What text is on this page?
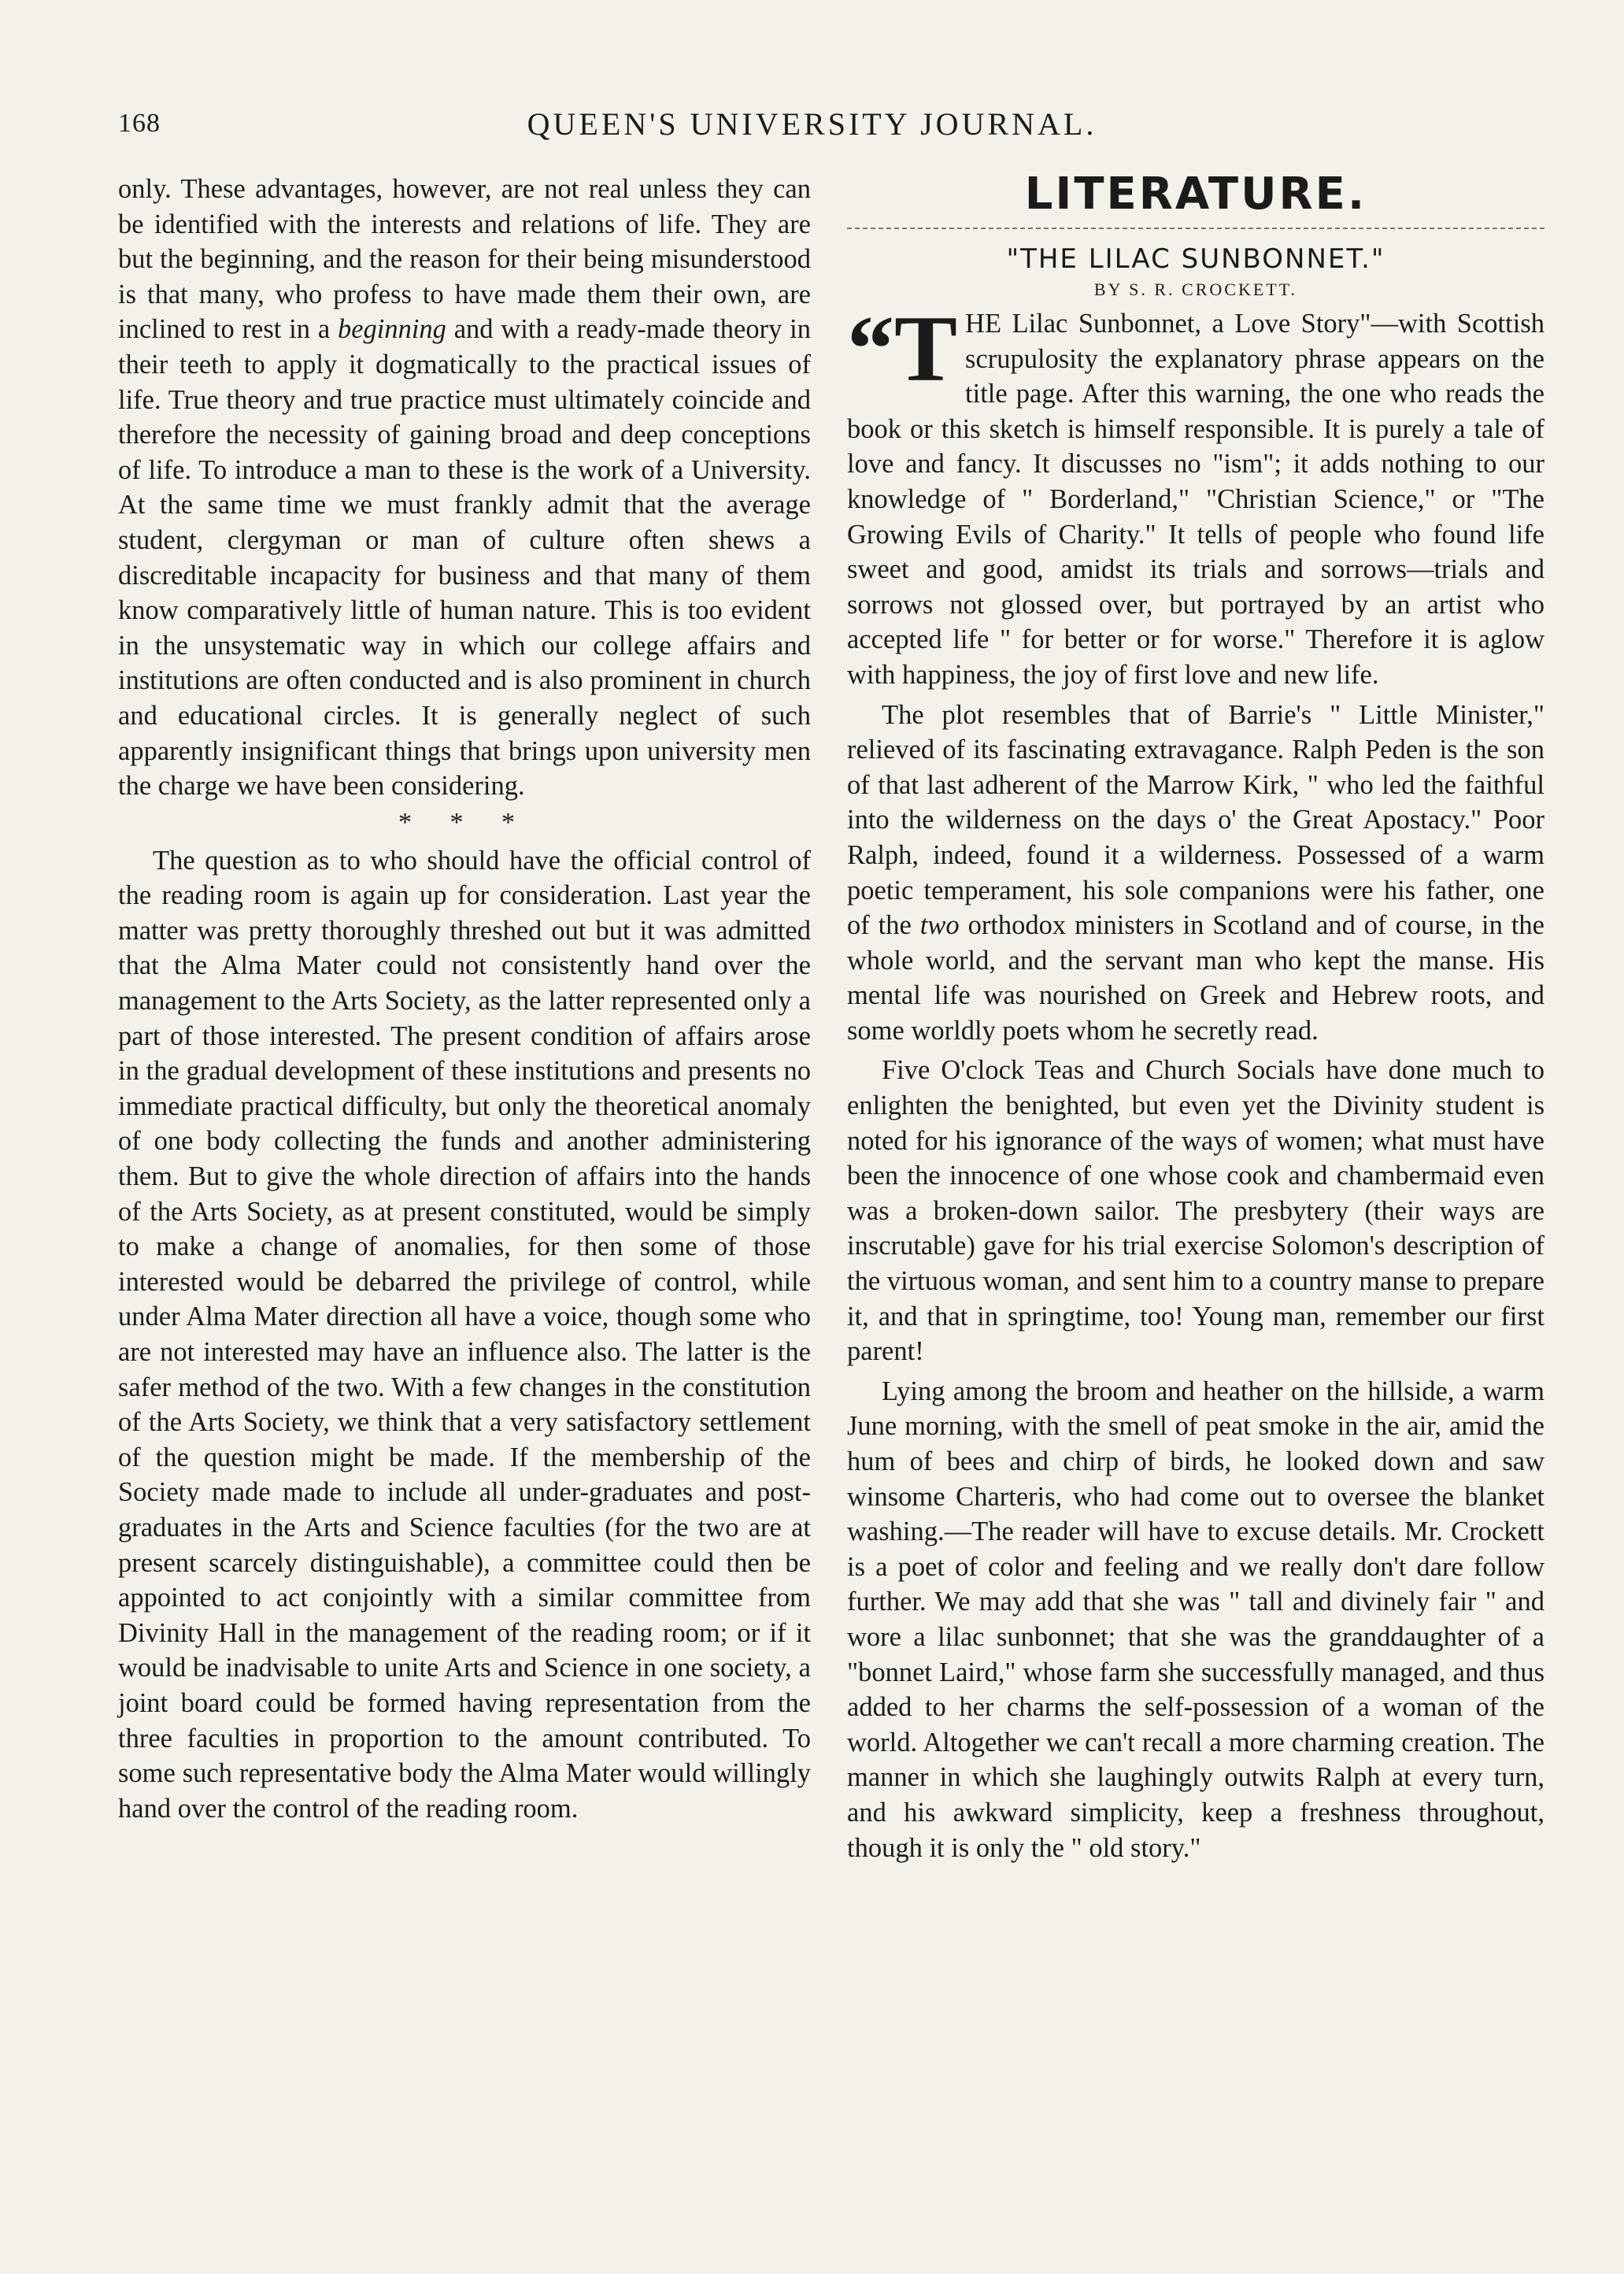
168	QUEEN'S UNIVERSITY JOURNAL.

only. These advantages, however, are not real unless they can be identified with the interests and relations of life. They are but the beginning, and the reason for their being misunderstood is that many, who profess to have made them their own, are inclined to rest in a beginning and with a ready-made theory in their teeth to apply it dogmatically to the practical issues of life. True theory and true practice must ultimately coincide and therefore the necessity of gaining broad and deep conceptions of life. To introduce a man to these is the work of a University. At the same time we must frankly admit that the average student, clergyman or man of culture often shews a discreditable incapacity for business and that many of them know comparatively little of human nature. This is too evident in the unsystematic way in which our college affairs and institutions are often conducted and is also prominent in church and educational circles. It is generally neglect of such apparently insignificant things that brings upon university men the charge we have been considering.

* * *

The question as to who should have the official control of the reading room is again up for consideration. Last year the matter was pretty thoroughly threshed out but it was admitted that the Alma Mater could not consistently hand over the management to the Arts Society, as the latter represented only a part of those interested. The present condition of affairs arose in the gradual development of these institutions and presents no immediate practical difficulty, but only the theoretical anomaly of one body collecting the funds and another administering them. But to give the whole direction of affairs into the hands of the Arts Society, as at present constituted, would be simply to make a change of anomalies, for then some of those interested would be debarred the privilege of control, while under Alma Mater direction all have a voice, though some who are not interested may have an influence also. The latter is the safer method of the two. With a few changes in the constitution of the Arts Society, we think that a very satisfactory settlement of the question might be made. If the membership of the Society made made to include all under-graduates and post-graduates in the Arts and Science faculties (for the two are at present scarcely distinguishable), a committee could then be appointed to act conjointly with a similar committee from Divinity Hall in the management of the reading room; or if it would be inadvisable to unite Arts and Science in one society, a joint board could be formed having representation from the three faculties in proportion to the amount contributed. To some such representative body the Alma Mater would willingly hand over the control of the reading room.

LITERATURE.
"THE LILAC SUNBONNET."
BY S. R. CROCKETT.

“T HE Lilac Sunbonnet, a Love Story"—with Scottish scrupulosity the explanatory phrase appears on the title page. After this warning, the one who reads the book or this sketch is himself responsible. It is purely a tale of love and fancy. It discusses no "ism"; it adds nothing to our knowledge of " Borderland," "Christian Science," or "The Growing Evils of Charity." It tells of people who found life sweet and good, amidst its trials and sorrows—trials and sorrows not glossed over, but portrayed by an artist who accepted life " for better or for worse." Therefore it is aglow with happiness, the joy of first love and new life.

The plot resembles that of Barrie's " Little Minister," relieved of its fascinating extravagance. Ralph Peden is the son of that last adherent of the Marrow Kirk, " who led the faithful into the wilderness on the days o' the Great Apostacy." Poor Ralph, indeed, found it a wilderness. Possessed of a warm poetic temperament, his sole companions were his father, one of the two orthodox ministers in Scotland and of course, in the whole world, and the servant man who kept the manse. His mental life was nourished on Greek and Hebrew roots, and some worldly poets whom he secretly read.

Five O'clock Teas and Church Socials have done much to enlighten the benighted, but even yet the Divinity student is noted for his ignorance of the ways of women; what must have been the innocence of one whose cook and chambermaid even was a broken-down sailor. The presbytery (their ways are inscrutable) gave for his trial exercise Solomon's description of the virtuous woman, and sent him to a country manse to prepare it, and that in springtime, too! Young man, remember our first parent!

Lying among the broom and heather on the hillside, a warm June morning, with the smell of peat smoke in the air, amid the hum of bees and chirp of birds, he looked down and saw winsome Charteris, who had come out to oversee the blanket washing.—The reader will have to excuse details. Mr. Crockett is a poet of color and feeling and we really don't dare follow further. We may add that she was " tall and divinely fair " and wore a lilac sunbonnet; that she was the granddaughter of a "bonnet Laird," whose farm she successfully managed, and thus added to her charms the self-possession of a woman of the world. Altogether we can't recall a more charming creation. The manner in which she laughingly outwits Ralph at every turn, and his awkward simplicity, keep a freshness throughout, though it is only the " old story."
